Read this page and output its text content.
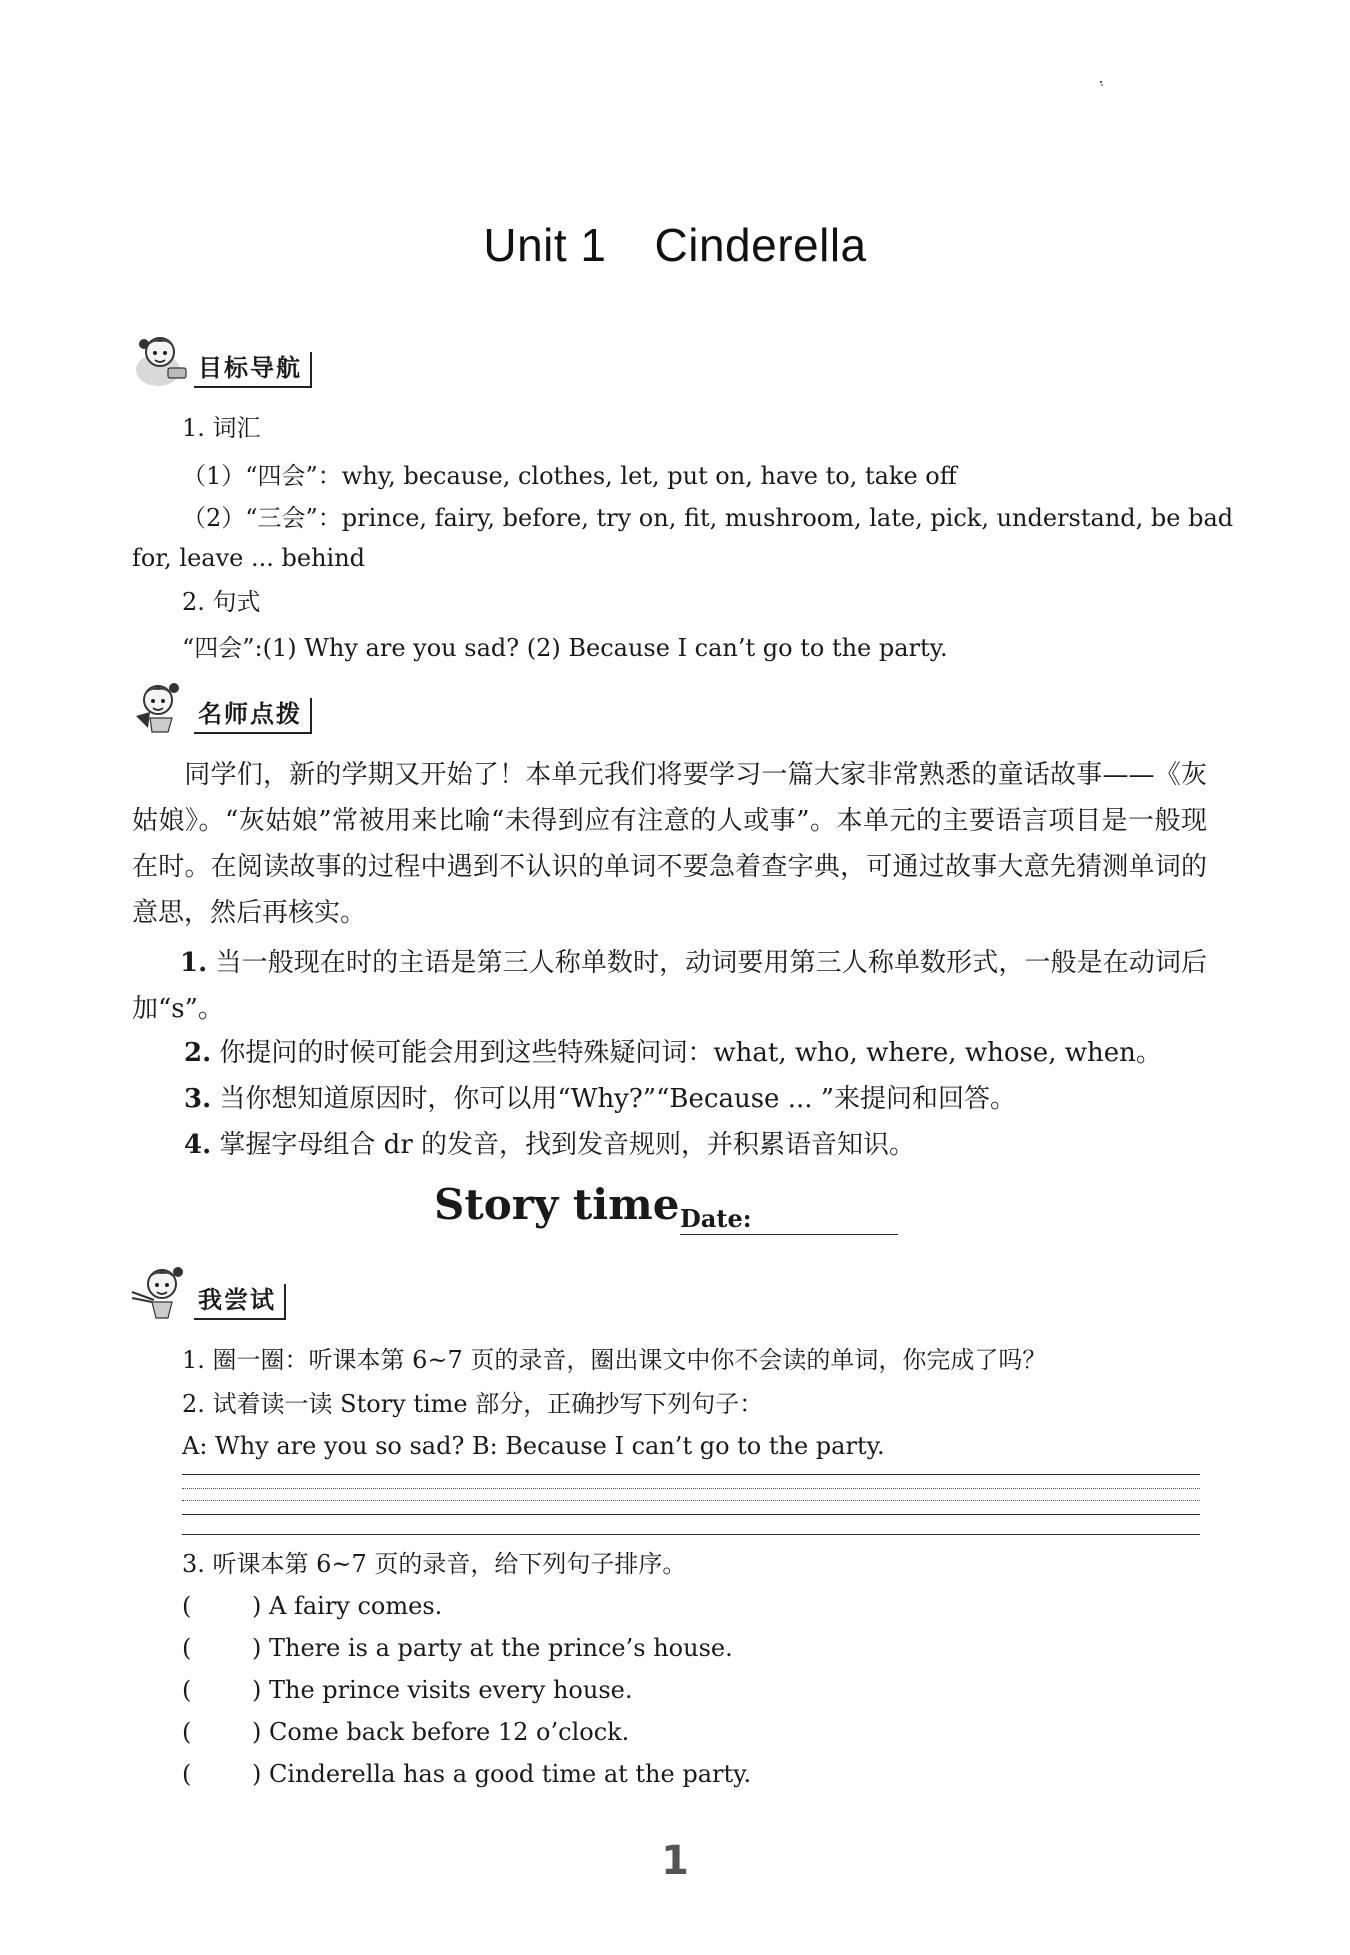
Unit 1 Cinderella
目标导航
1. 词汇
（1）“四会”：why, because, clothes, let, put on, have to, take off
（2）“三会”：prince, fairy, before, try on, fit, mushroom, late, pick, understand, be bad
for, leave ... behind
2. 句式
“四会”:(1) Why are you sad? (2) Because I can’t go to the party.
名师点拨
同学们，新的学期又开始了！本单元我们将要学习一篇大家非常熟悉的童话故事——《灰姑娘》。“灰姑娘”常被用来比喻“未得到应有注意的人或事”。本单元的主要语言项目是一般现在时。在阅读故事的过程中遇到不认识的单词不要急着查字典，可通过故事大意先猜测单词的意思，然后再核实。
1. 当一般现在时的主语是第三人称单数时，动词要用第三人称单数形式，一般是在动词后加“s”。
2. 你提问的时候可能会用到这些特殊疑问词：what, who, where, whose, when。
3. 当你想知道原因时，你可以用“Why?”“Because ... ”来提问和回答。
4. 掌握字母组合 dr 的发音，找到发音规则，并积累语音知识。
Story time Date:
我尝试
1. 圈一圈：听课本第 6~7 页的录音，圈出课文中你不会读的单词，你完成了吗？
2. 试着读一读 Story time 部分，正确抄写下列句子：
A: Why are you so sad? B: Because I can’t go to the party.
3. 听课本第 6~7 页的录音，给下列句子排序。
(	) A fairy comes.
(	) There is a party at the prince’s house.
(	) The prince visits every house.
(	) Come back before 12 o’clock.
(	) Cinderella has a good time at the party.
1
